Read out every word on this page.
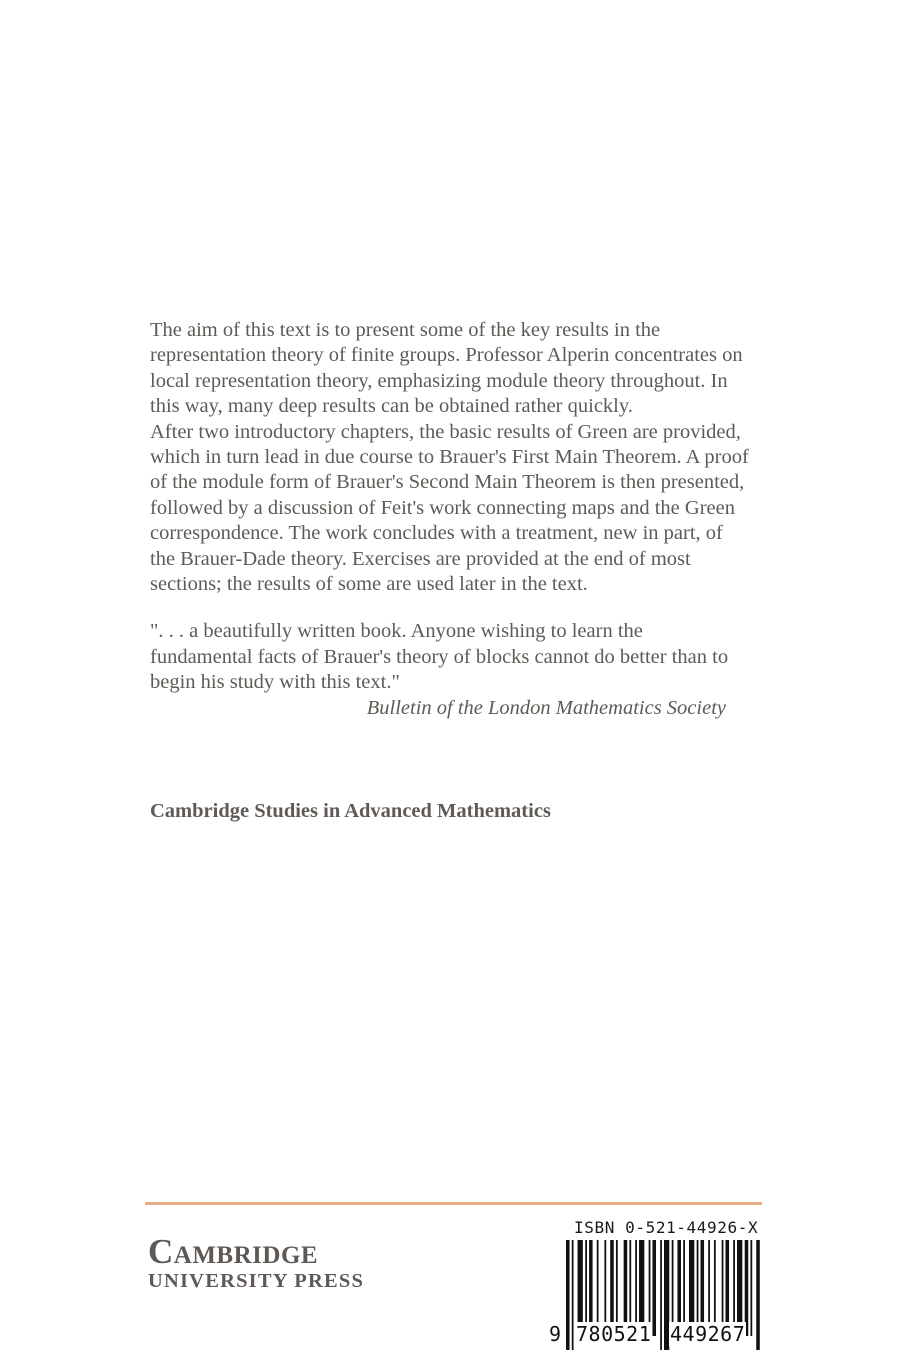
The aim of this text is to present some of the key results in the representation theory of finite groups. Professor Alperin concentrates on local representation theory, emphasizing module theory throughout. In this way, many deep results can be obtained rather quickly.

After two introductory chapters, the basic results of Green are provided, which in turn lead in due course to Brauer's First Main Theorem. A proof of the module form of Brauer's Second Main Theorem is then presented, followed by a discussion of Feit's work connecting maps and the Green correspondence. The work concludes with a treatment, new in part, of the Brauer-Dade theory. Exercises are provided at the end of most sections; the results of some are used later in the text.

". . . a beautifully written book. Anyone wishing to learn the fundamental facts of Brauer's theory of blocks cannot do better than to begin his study with this text."

Bulletin of the London Mathematics Society
Cambridge Studies in Advanced Mathematics
Cambridge
UNIVERSITY PRESS
ISBN 0-521-44926-X
9 780521 449267
